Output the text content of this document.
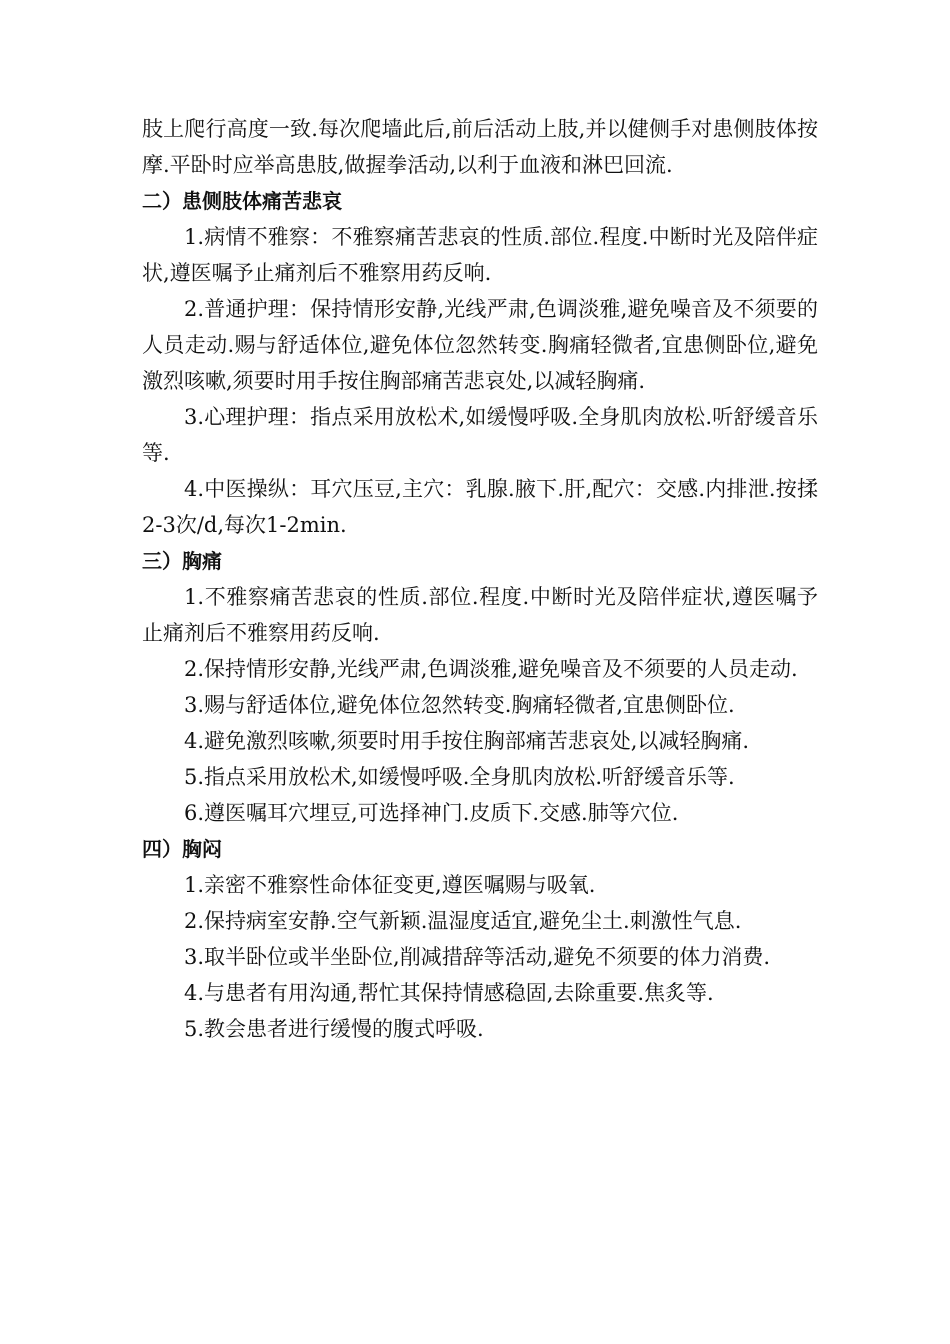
肢上爬行高度一致.每次爬墙此后,前后活动上肢,并以健侧手对患侧肢体按摩.平卧时应举高患肢,做握拳活动,以利于血液和淋巴回流.

二）患侧肢体痛苦悲哀

1.病情不雅察：不雅察痛苦悲哀的性质.部位.程度.中断时光及陪伴症状,遵医嘱予止痛剂后不雅察用药反响.

2.普通护理：保持情形安静,光线严肃,色调淡雅,避免噪音及不须要的人员走动.赐与舒适体位,避免体位忽然转变.胸痛轻微者,宜患侧卧位,避免激烈咳嗽,须要时用手按住胸部痛苦悲哀处,以减轻胸痛.

3.心理护理：指点采用放松术,如缓慢呼吸.全身肌肉放松.听舒缓音乐等.

4.中医操纵：耳穴压豆,主穴：乳腺.腋下.肝,配穴：交感.内排泄.按揉2-3次/d,每次1-2min.

三）胸痛

1.不雅察痛苦悲哀的性质.部位.程度.中断时光及陪伴症状,遵医嘱予止痛剂后不雅察用药反响.

2.保持情形安静,光线严肃,色调淡雅,避免噪音及不须要的人员走动.

3.赐与舒适体位,避免体位忽然转变.胸痛轻微者,宜患侧卧位.

4.避免激烈咳嗽,须要时用手按住胸部痛苦悲哀处,以减轻胸痛.

5.指点采用放松术,如缓慢呼吸.全身肌肉放松.听舒缓音乐等.

6.遵医嘱耳穴埋豆,可选择神门.皮质下.交感.肺等穴位.

四）胸闷

1.亲密不雅察性命体征变更,遵医嘱赐与吸氧.

2.保持病室安静.空气新颖.温湿度适宜,避免尘土.刺激性气息.

3.取半卧位或半坐卧位,削减措辞等活动,避免不须要的体力消费.

4.与患者有用沟通,帮忙其保持情感稳固,去除重要.焦炙等.

5.教会患者进行缓慢的腹式呼吸.
